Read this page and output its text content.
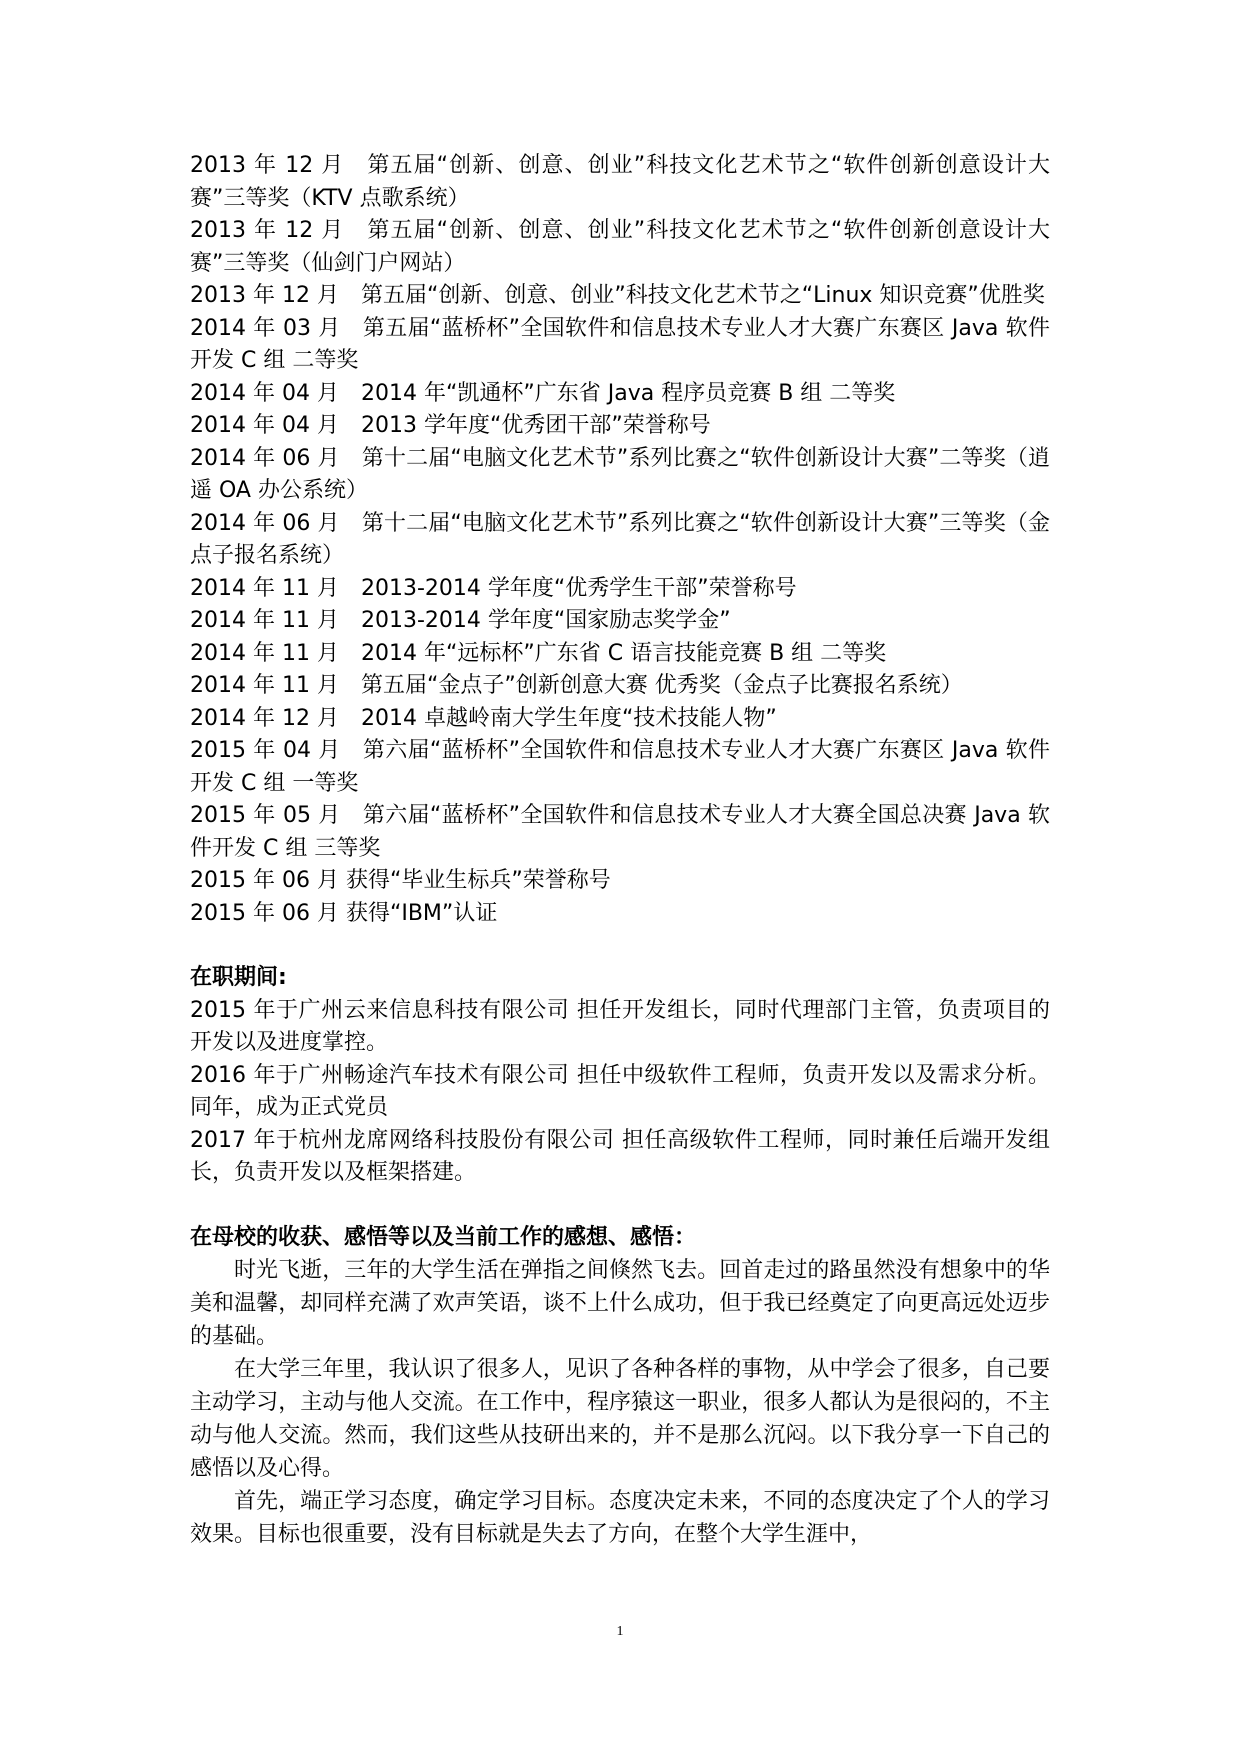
2013 年 12 月　第五届“创新、创意、创业”科技文化艺术节之“软件创新创意设计大赛”三等奖（KTV 点歌系统）
2013 年 12 月　第五届“创新、创意、创业”科技文化艺术节之“软件创新创意设计大赛”三等奖（仙剑门户网站）
2013 年 12 月　第五届“创新、创意、创业”科技文化艺术节之“Linux 知识竞赛”优胜奖
2014 年 03 月　第五届“蓝桥杯”全国软件和信息技术专业人才大赛广东赛区 Java 软件开发 C 组 二等奖
2014 年 04 月　2014 年“凯通杯”广东省 Java 程序员竞赛 B 组 二等奖
2014 年 04 月　2013 学年度“优秀团干部”荣誉称号
2014 年 06 月　第十二届“电脑文化艺术节”系列比赛之“软件创新设计大赛”二等奖（逍遥 OA 办公系统）
2014 年 06 月　第十二届“电脑文化艺术节”系列比赛之“软件创新设计大赛”三等奖（金点子报名系统）
2014 年 11 月　2013-2014 学年度“优秀学生干部”荣誉称号
2014 年 11 月　2013-2014 学年度“国家励志奖学金”
2014 年 11 月　2014 年“远标杯”广东省 C 语言技能竞赛 B 组 二等奖
2014 年 11 月　第五届“金点子”创新创意大赛 优秀奖（金点子比赛报名系统）
2014 年 12 月　2014 卓越岭南大学生年度“技术技能人物”
2015 年 04 月　第六届“蓝桥杯”全国软件和信息技术专业人才大赛广东赛区 Java 软件开发 C 组 一等奖
2015 年 05 月　第六届“蓝桥杯”全国软件和信息技术专业人才大赛全国总决赛 Java 软件开发 C 组 三等奖
2015 年 06 月 获得“毕业生标兵”荣誉称号
2015 年 06 月 获得“IBM”认证
在职期间:
2015 年于广州云来信息科技有限公司 担任开发组长，同时代理部门主管，负责项目的开发以及进度掌控。
2016 年于广州畅途汽车技术有限公司 担任中级软件工程师，负责开发以及需求分析。同年，成为正式党员
2017 年于杭州龙席网络科技股份有限公司 担任高级软件工程师，同时兼任后端开发组长，负责开发以及框架搭建。
在母校的收获、感悟等以及当前工作的感想、感悟：
时光飞逝，三年的大学生活在弹指之间倏然飞去。回首走过的路虽然没有想象中的华美和温馨，却同样充满了欢声笑语，谈不上什么成功，但于我已经奠定了向更高远处迈步的基础。
在大学三年里，我认识了很多人，见识了各种各样的事物，从中学会了很多，自己要主动学习，主动与他人交流。在工作中，程序猿这一职业，很多人都认为是很闷的，不主动与他人交流。然而，我们这些从技研出来的，并不是那么沉闷。以下我分享一下自己的感悟以及心得。
首先，端正学习态度，确定学习目标。态度决定未来，不同的态度决定了个人的学习效果。目标也很重要，没有目标就是失去了方向，在整个大学生涯中，
1
